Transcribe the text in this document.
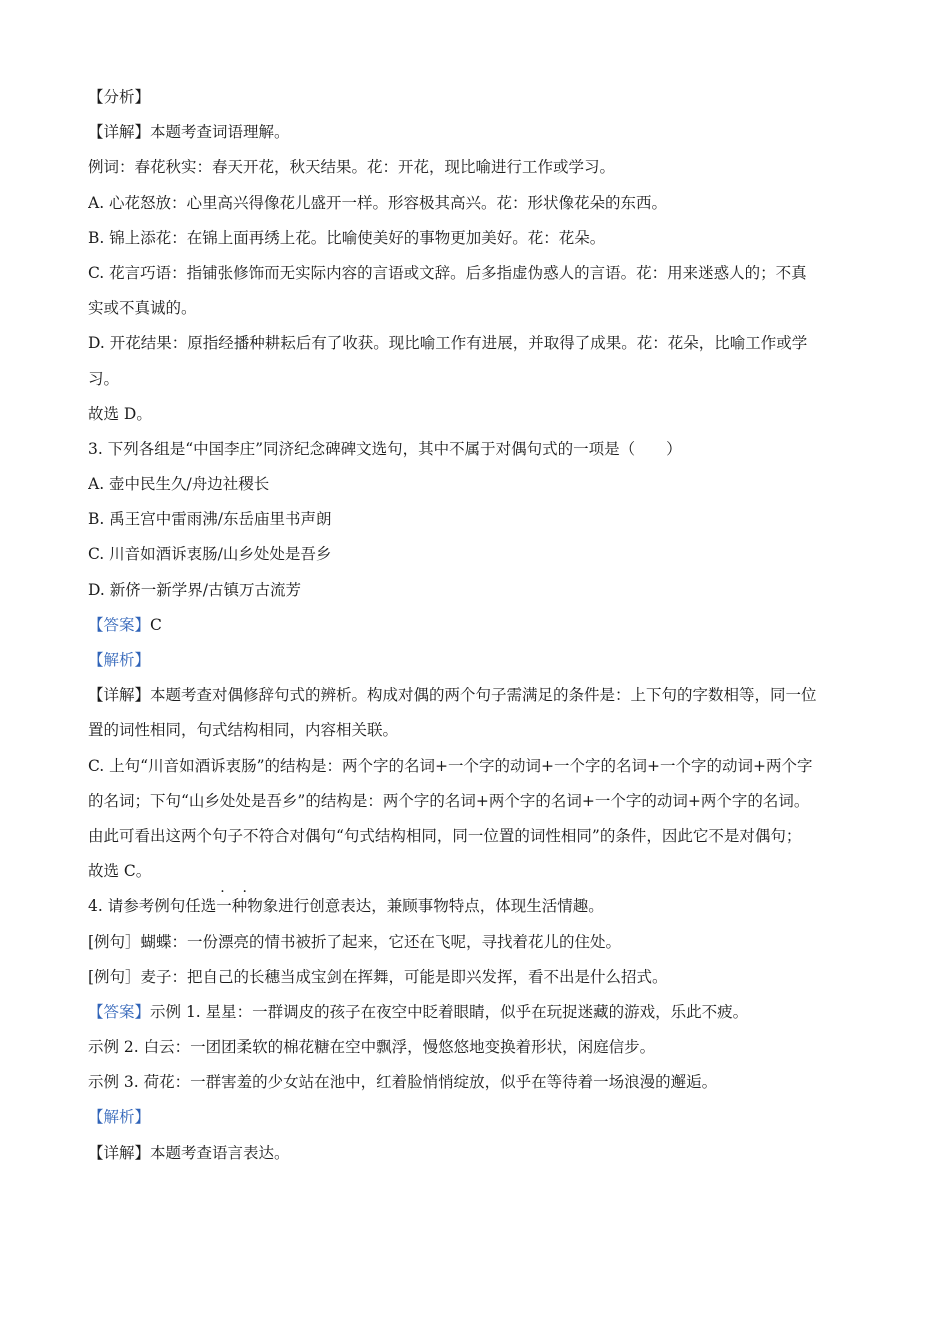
【分析】
【详解】本题考查词语理解。
例词：春花秋实：春天开花，秋天结果。花：开花，现比喻进行工作或学习。
A. 心花怒放：心里高兴得像花儿盛开一样。形容极其高兴。花：形状像花朵的东西。
B. 锦上添花：在锦上面再绣上花。比喻使美好的事物更加美好。花：花朵。
C. 花言巧语：指铺张修饰而无实际内容的言语或文辞。后多指虚伪惑人的言语。花：用来迷惑人的；不真
实或不真诚的。
D. 开花结果：原指经播种耕耘后有了收获。现比喻工作有进展，并取得了成果。花：花朵，比喻工作或学
习。
故选 D。
3. 下列各组是“中国李庄”同济纪念碑碑文选句，其中不属于对偶句式的一项是（　　）
A. 壶中民生久/舟边社稷长
B. 禹王宫中雷雨沸/东岳庙里书声朗
C. 川音如酒诉衷肠/山乡处处是吾乡
D. 新侪一新学界/古镇万古流芳
【答案】C
【解析】
【详解】本题考查对偶修辞句式的辨析。构成对偶的两个句子需满足的条件是：上下句的字数相等，同一位
置的词性相同，句式结构相同，内容相关联。
C. 上句“川音如酒诉衷肠”的结构是：两个字的名词+一个字的动词+一个字的名词+一个字的动词+两个字
的名词；下句“山乡处处是吾乡”的结构是：两个字的名词+两个字的名词+一个字的动词+两个字的名词。
由此可看出这两个句子不符合对偶句“句式结构相同，同一位置的词性相同”的条件，因此它不是对偶句；
故选 C。
4. 请参考例句任选· · 一种物象进行创意表达，兼顾事物特点，体现生活情趣。
[例句］蝴蝶：一份漂亮的情书被折了起来，它还在飞呢，寻找着花儿的住处。
[例句］麦子：把自己的长穗当成宝剑在挥舞，可能是即兴发挥，看不出是什么招式。
【答案】示例 1. 星星：一群调皮的孩子在夜空中眨着眼睛，似乎在玩捉迷藏的游戏，乐此不疲。
示例 2. 白云：一团团柔软的棉花糖在空中飘浮，慢悠悠地变换着形状，闲庭信步。
示例 3. 荷花：一群害羞的少女站在池中，红着脸悄悄绽放，似乎在等待着一场浪漫的邂逅。
【解析】
【详解】本题考查语言表达。
